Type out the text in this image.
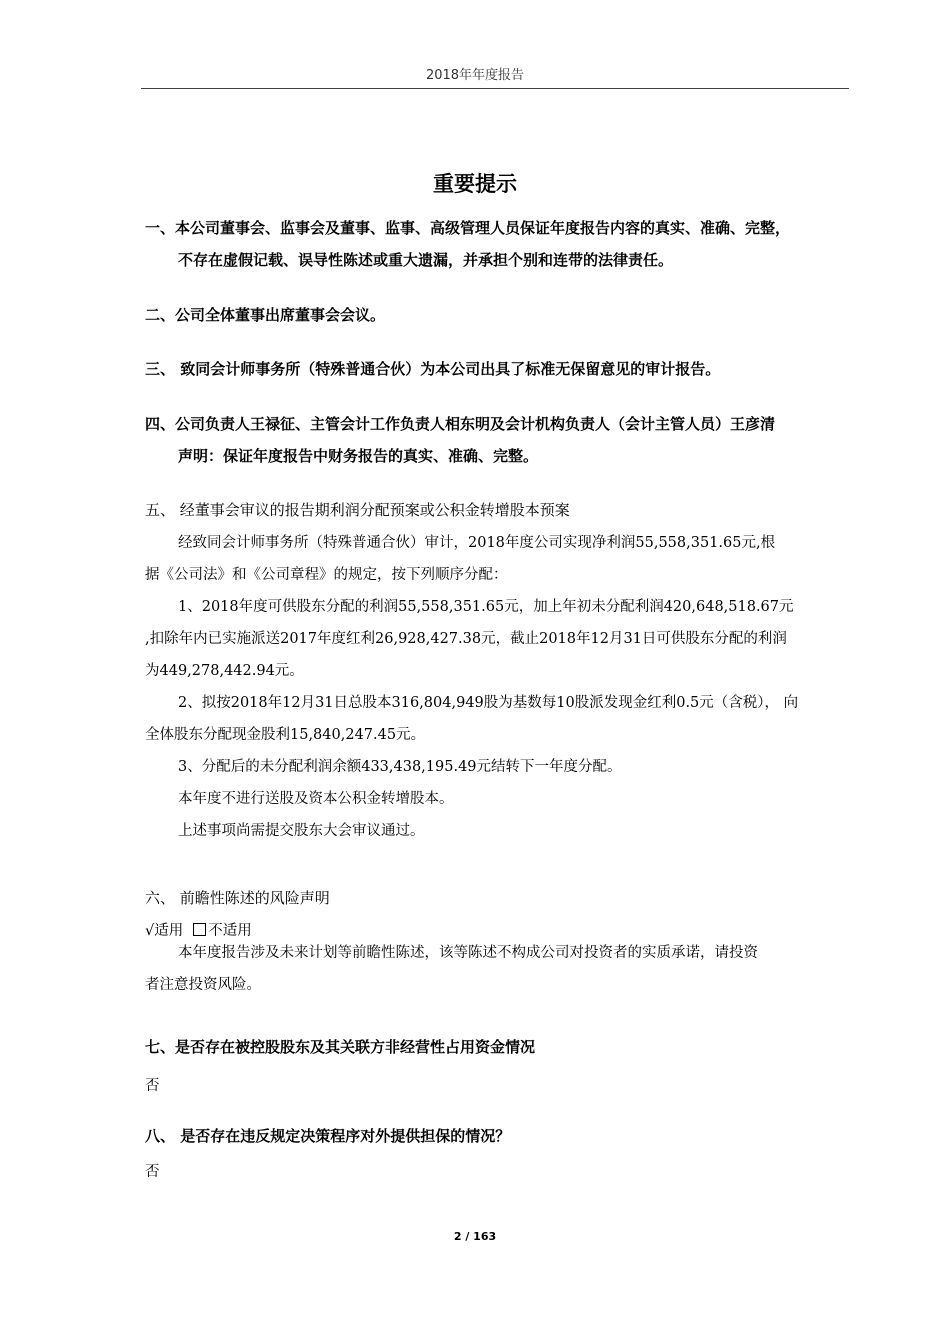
2018年年度报告
重要提示
一、本公司董事会、监事会及董事、监事、高级管理人员保证年度报告内容的真实、准确、完整，
不存在虚假记载、误导性陈述或重大遗漏，并承担个别和连带的法律责任。
二、公司全体董事出席董事会会议。
三、 致同会计师事务所（特殊普通合伙）为本公司出具了标准无保留意见的审计报告。
四、公司负责人王禄征、主管会计工作负责人相东明及会计机构负责人（会计主管人员）王彦清
声明：保证年度报告中财务报告的真实、准确、完整。
五、 经董事会审议的报告期利润分配预案或公积金转增股本预案
经致同会计师事务所（特殊普通合伙）审计，2018年度公司实现净利润55,558,351.65元,根
据《公司法》和《公司章程》的规定，按下列顺序分配：
1、2018年度可供股东分配的利润55,558,351.65元，加上年初未分配利润420,648,518.67元
,扣除年内已实施派送2017年度红利26,928,427.38元，截止2018年12月31日可供股东分配的利润
为449,278,442.94元。
2、拟按2018年12月31日总股本316,804,949股为基数每10股派发现金红利0.5元（含税）， 向
全体股东分配现金股利15,840,247.45元。
3、分配后的未分配利润余额433,438,195.49元结转下一年度分配。
本年度不进行送股及资本公积金转增股本。
上述事项尚需提交股东大会审议通过。
六、 前瞻性陈述的风险声明
√适用 不适用
本年度报告涉及未来计划等前瞻性陈述，该等陈述不构成公司对投资者的实质承诺，请投资
者注意投资风险。
七、是否存在被控股股东及其关联方非经营性占用资金情况
否
八、 是否存在违反规定决策程序对外提供担保的情况？
否
2 / 163
